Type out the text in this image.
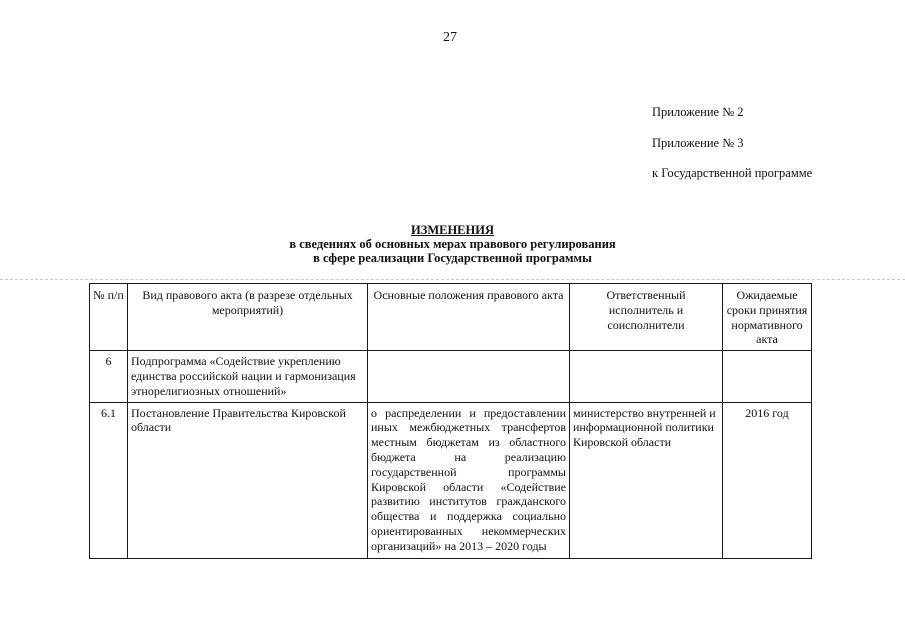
27
Приложение № 2
Приложение № 3
к Государственной программе
ИЗМЕНЕНИЯ
в сведениях об основных мерах правового регулирования
в сфере реализации Государственной программы
№ п/п	Вид правового акта (в разрезе отдельных мероприятий)	Основные положения правового акта	Ответственный исполнитель и соисполнители	Ожидаемые сроки принятия нормативного акта
6	Подпрограмма «Содействие укреплению единства российской нации и гармонизация этнорелигиозных отношений»			
6.1	Постановление Правительства Кировской области	о распределении и предоставлении иных межбюджетных трансфертов местным бюджетам из областного бюджета на реализацию государственной программы Кировской области «Содействие развитию институтов гражданского общества и поддержка социально ориентированных некоммерческих организаций» на 2013 – 2020 годы	министерство внутренней и информационной политики Кировской области	2016 год
